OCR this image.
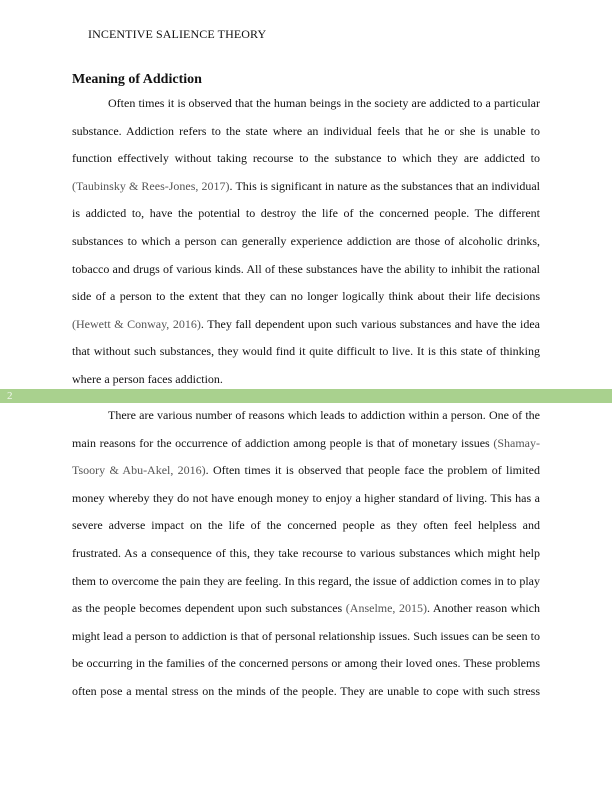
INCENTIVE SALIENCE THEORY
Meaning of Addiction
Often times it is observed that the human beings in the society are addicted to a particular
substance. Addiction refers to the state where an individual feels that he or she is unable to
function effectively without taking recourse to the substance to which they are addicted to
(Taubinsky & Rees-Jones, 2017). This is significant in nature as the substances that an individual
is addicted to, have the potential to destroy the life of the concerned people. The different
substances to which a person can generally experience addiction are those of alcoholic drinks,
tobacco and drugs of various kinds. All of these substances have the ability to inhibit the rational
side of a person to the extent that they can no longer logically think about their life decisions
(Hewett & Conway, 2016). They fall dependent upon such various substances and have the idea
that without such substances, they would find it quite difficult to live. It is this state of thinking
where a person faces addiction.
2
There are various number of reasons which leads to addiction within a person. One of the
main reasons for the occurrence of addiction among people is that of monetary issues (Shamay-
Tsoory & Abu-Akel, 2016). Often times it is observed that people face the problem of limited
money whereby they do not have enough money to enjoy a higher standard of living. This has a
severe adverse impact on the life of the concerned people as they often feel helpless and
frustrated. As a consequence of this, they take recourse to various substances which might help
them to overcome the pain they are feeling. In this regard, the issue of addiction comes in to play
as the people becomes dependent upon such substances (Anselme, 2015). Another reason which
might lead a person to addiction is that of personal relationship issues. Such issues can be seen to
be occurring in the families of the concerned persons or among their loved ones. These problems
often pose a mental stress on the minds of the people. They are unable to cope with such stress
